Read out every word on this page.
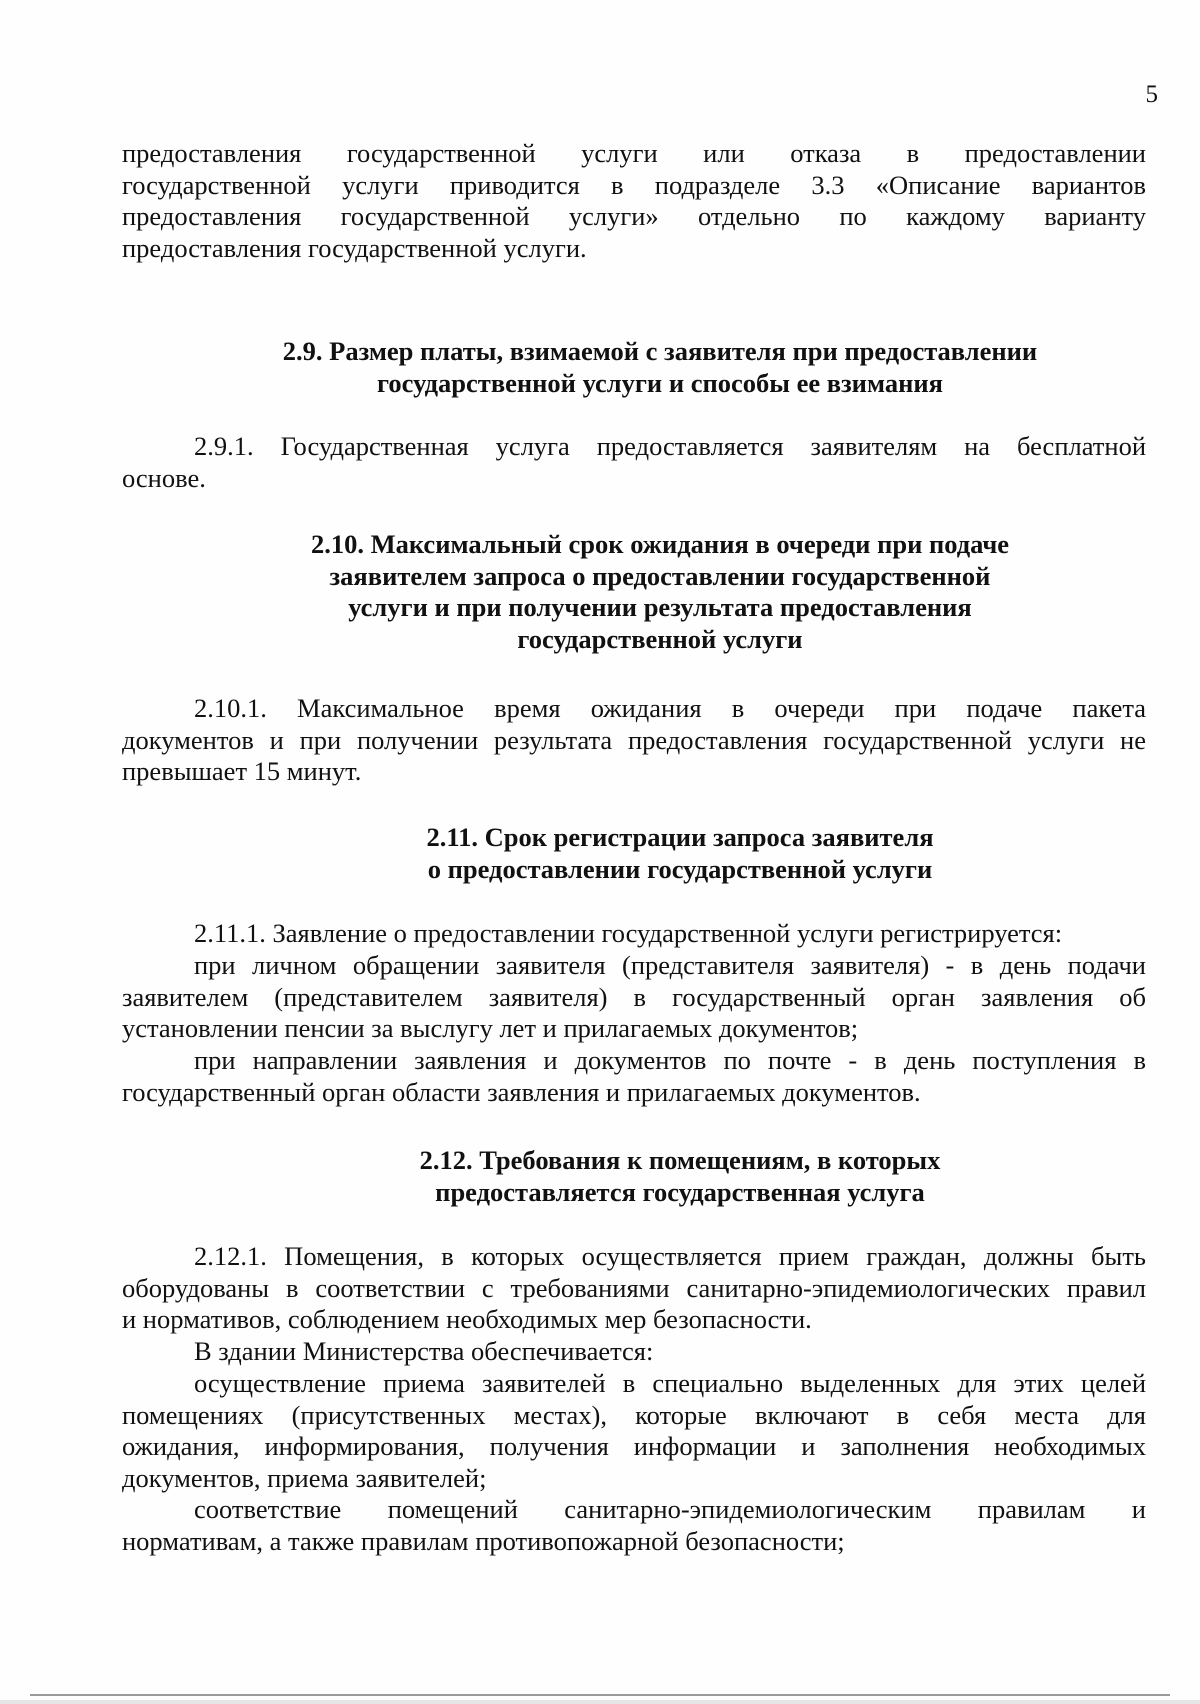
5

предоставления государственной услуги или отказа в предоставлении

государственной услуги приводится в подразделе 3.3 «Описание вариантов

предоставления государственной услуги» отдельно по каждому варианту

предоставления государственной услуги.

2.9. Размер платы, взимаемой с заявителя при предоставлении
государственной услуги и способы ее взимания

2.9.1. Государственная услуга предоставляется заявителям на бесплатной

основе.

2.10. Максимальный срок ожидания в очереди при подаче
заявителем запроса о предоставлении государственной
услуги и при получении результата предоставления
государственной услуги

2.10.1. Максимальное время ожидания в очереди при подаче пакета

документов и при получении результата предоставления государственной услуги не

превышает 15 минут.

2.11. Срок регистрации запроса заявителя
о предоставлении государственной услуги

2.11.1. Заявление о предоставлении государственной услуги регистрируется:

при личном обращении заявителя (представителя заявителя) - в день подачи

заявителем (представителем заявителя) в государственный орган заявления об

установлении пенсии за выслугу лет и прилагаемых документов;

при направлении заявления и документов по почте - в день поступления в

государственный орган области заявления и прилагаемых документов.

2.12. Требования к помещениям, в которых
предоставляется государственная услуга

2.12.1. Помещения, в которых осуществляется прием граждан, должны быть

оборудованы в соответствии с требованиями санитарно-эпидемиологических правил

и нормативов, соблюдением необходимых мер безопасности.

В здании Министерства обеспечивается:

осуществление приема заявителей в специально выделенных для этих целей

помещениях (присутственных местах), которые включают в себя места для

ожидания, информирования, получения информации и заполнения необходимых

документов, приема заявителей;

соответствие помещений санитарно-эпидемиологическим правилам и

нормативам, а также правилам противопожарной безопасности;
